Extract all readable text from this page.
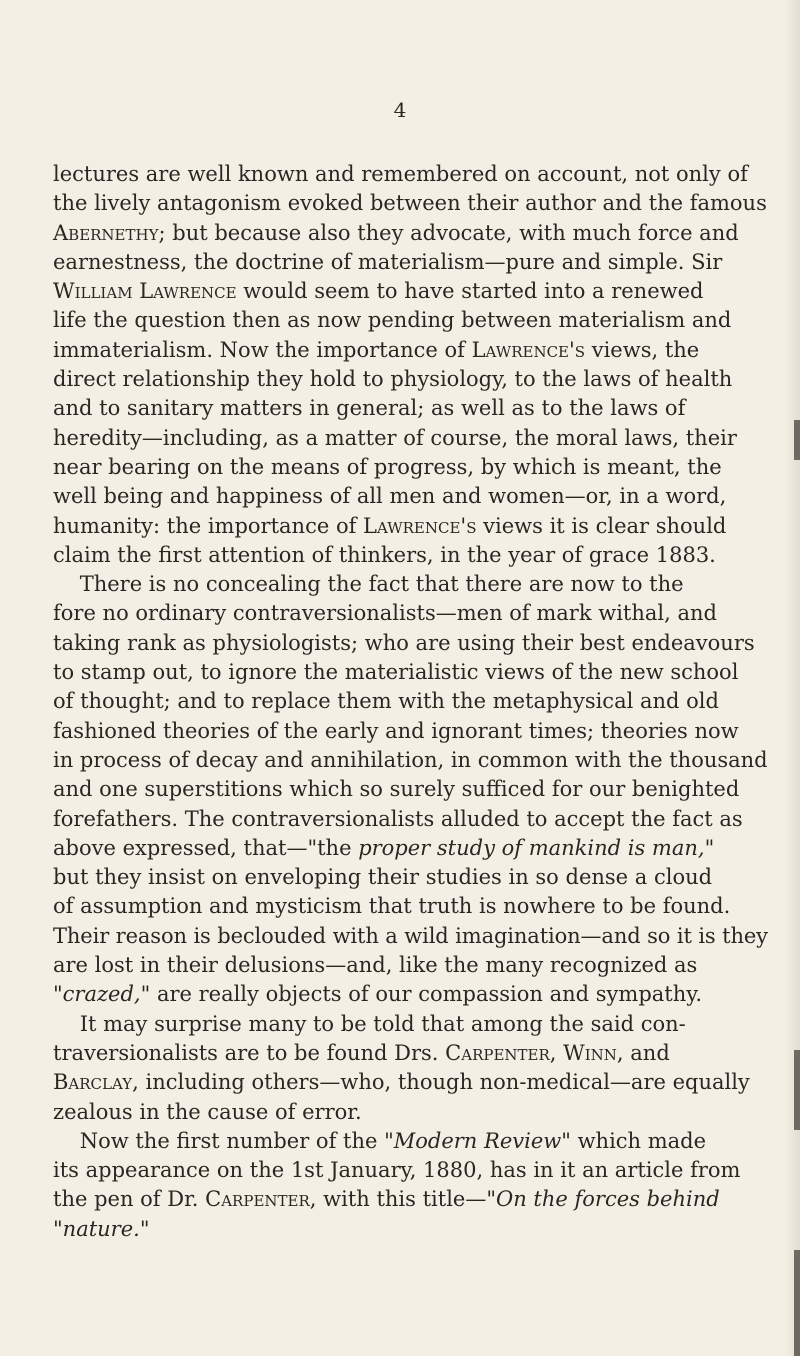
4
lectures are well known and remembered on account, not only of
the lively antagonism evoked between their author and the famous
Abernethy; but because also they advocate, with much force and
earnestness, the doctrine of materialism—pure and simple. Sir
William Lawrence would seem to have started into a renewed
life the question then as now pending between materialism and
immaterialism. Now the importance of Lawrence's views, the
direct relationship they hold to physiology, to the laws of health
and to sanitary matters in general; as well as to the laws of
heredity—including, as a matter of course, the moral laws, their
near bearing on the means of progress, by which is meant, the
well being and happiness of all men and women—or, in a word,
humanity: the importance of Lawrence's views it is clear should
claim the first attention of thinkers, in the year of grace 1883.
There is no concealing the fact that there are now to the
fore no ordinary contraversionalists—men of mark withal, and
taking rank as physiologists; who are using their best endeavours
to stamp out, to ignore the materialistic views of the new school
of thought; and to replace them with the metaphysical and old
fashioned theories of the early and ignorant times; theories now
in process of decay and annihilation, in common with the thousand
and one superstitions which so surely sufficed for our benighted
forefathers. The contraversionalists alluded to accept the fact as
above expressed, that—"the proper study of mankind is man,"
but they insist on enveloping their studies in so dense a cloud
of assumption and mysticism that truth is nowhere to be found.
Their reason is beclouded with a wild imagination—and so it is they
are lost in their delusions—and, like the many recognized as
"crazed," are really objects of our compassion and sympathy.
It may surprise many to be told that among the said con-
traversionalists are to be found Drs. Carpenter, Winn, and
Barclay, including others—who, though non-medical—are equally
zealous in the cause of error.
Now the first number of the "Modern Review" which made
its appearance on the 1st January, 1880, has in it an article from
the pen of Dr. Carpenter, with this title—"On the forces behind
"nature."
